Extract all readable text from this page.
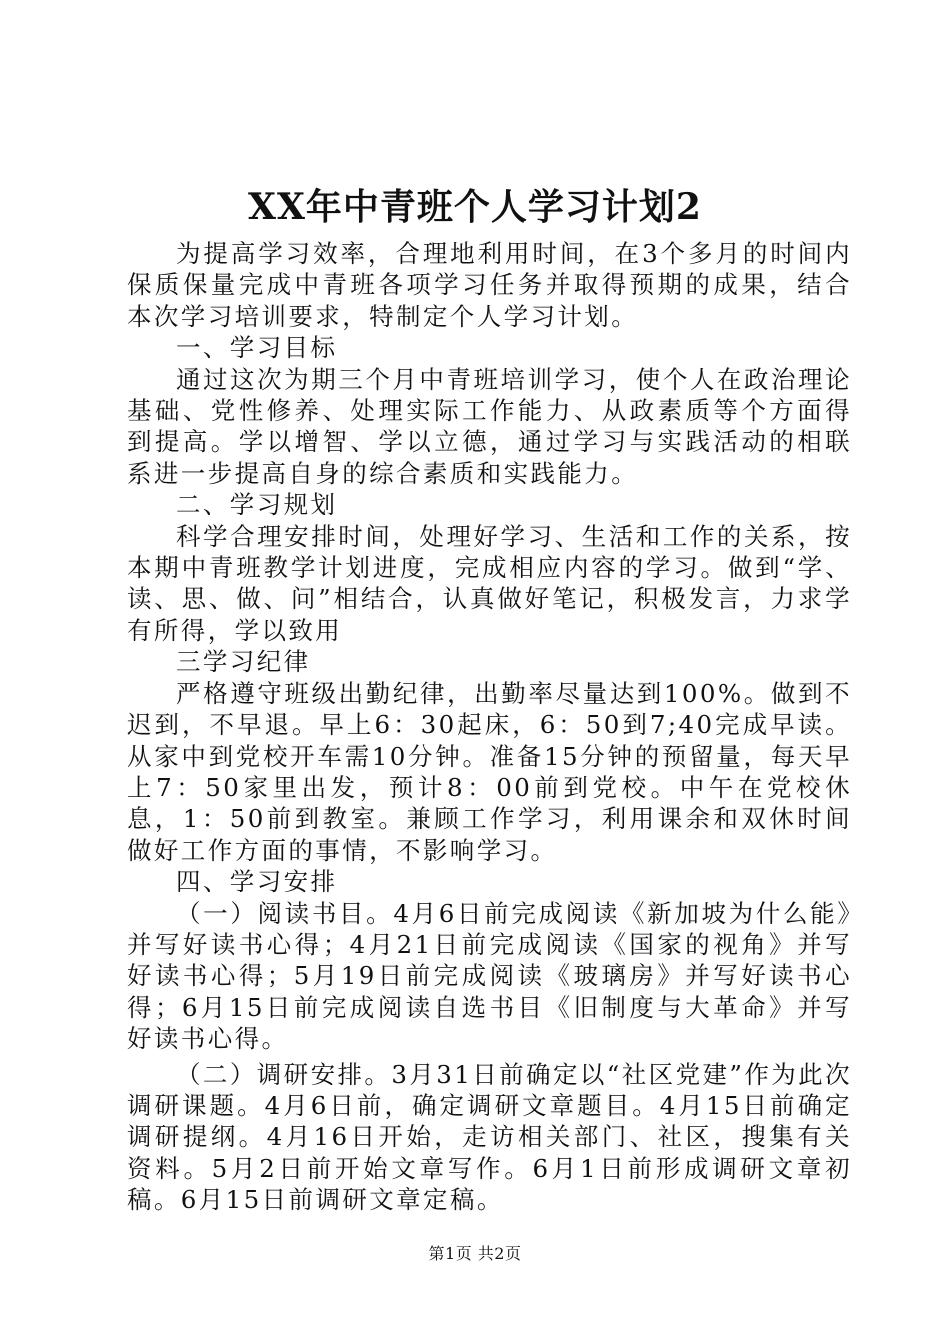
XX年中青班个人学习计划2

为提高学习效率，合理地利用时间，在3个多月的时间内保质保量完成中青班各项学习任务并取得预期的成果，结合本次学习培训要求，特制定个人学习计划。

一、学习目标

通过这次为期三个月中青班培训学习，使个人在政治理论基础、党性修养、处理实际工作能力、从政素质等个方面得到提高。学以增智、学以立德，通过学习与实践活动的相联系进一步提高自身的综合素质和实践能力。

二、学习规划

科学合理安排时间，处理好学习、生活和工作的关系，按本期中青班教学计划进度，完成相应内容的学习。做到“学、读、思、做、问”相结合，认真做好笔记，积极发言，力求学有所得，学以致用

三学习纪律

严格遵守班级出勤纪律，出勤率尽量达到100%。做到不迟到，不早退。早上6：30起床，6：50到7;40完成早读。从家中到党校开车需10分钟。准备15分钟的预留量，每天早上7：50家里出发，预计8：00前到党校。中午在党校休息，1：50前到教室。兼顾工作学习，利用课余和双休时间做好工作方面的事情，不影响学习。

四、学习安排

（一）阅读书目。4月6日前完成阅读《新加坡为什么能》并写好读书心得；4月21日前完成阅读《国家的视角》并写好读书心得；5月19日前完成阅读《玻璃房》并写好读书心得；6月15日前完成阅读自选书目《旧制度与大革命》并写好读书心得。

（二）调研安排。3月31日前确定以“社区党建”作为此次调研课题。4月6日前，确定调研文章题目。4月15日前确定调研提纲。4月16日开始，走访相关部门、社区，搜集有关资料。5月2日前开始文章写作。6月1日前形成调研文章初稿。6月15日前调研文章定稿。

第1页 共2页
